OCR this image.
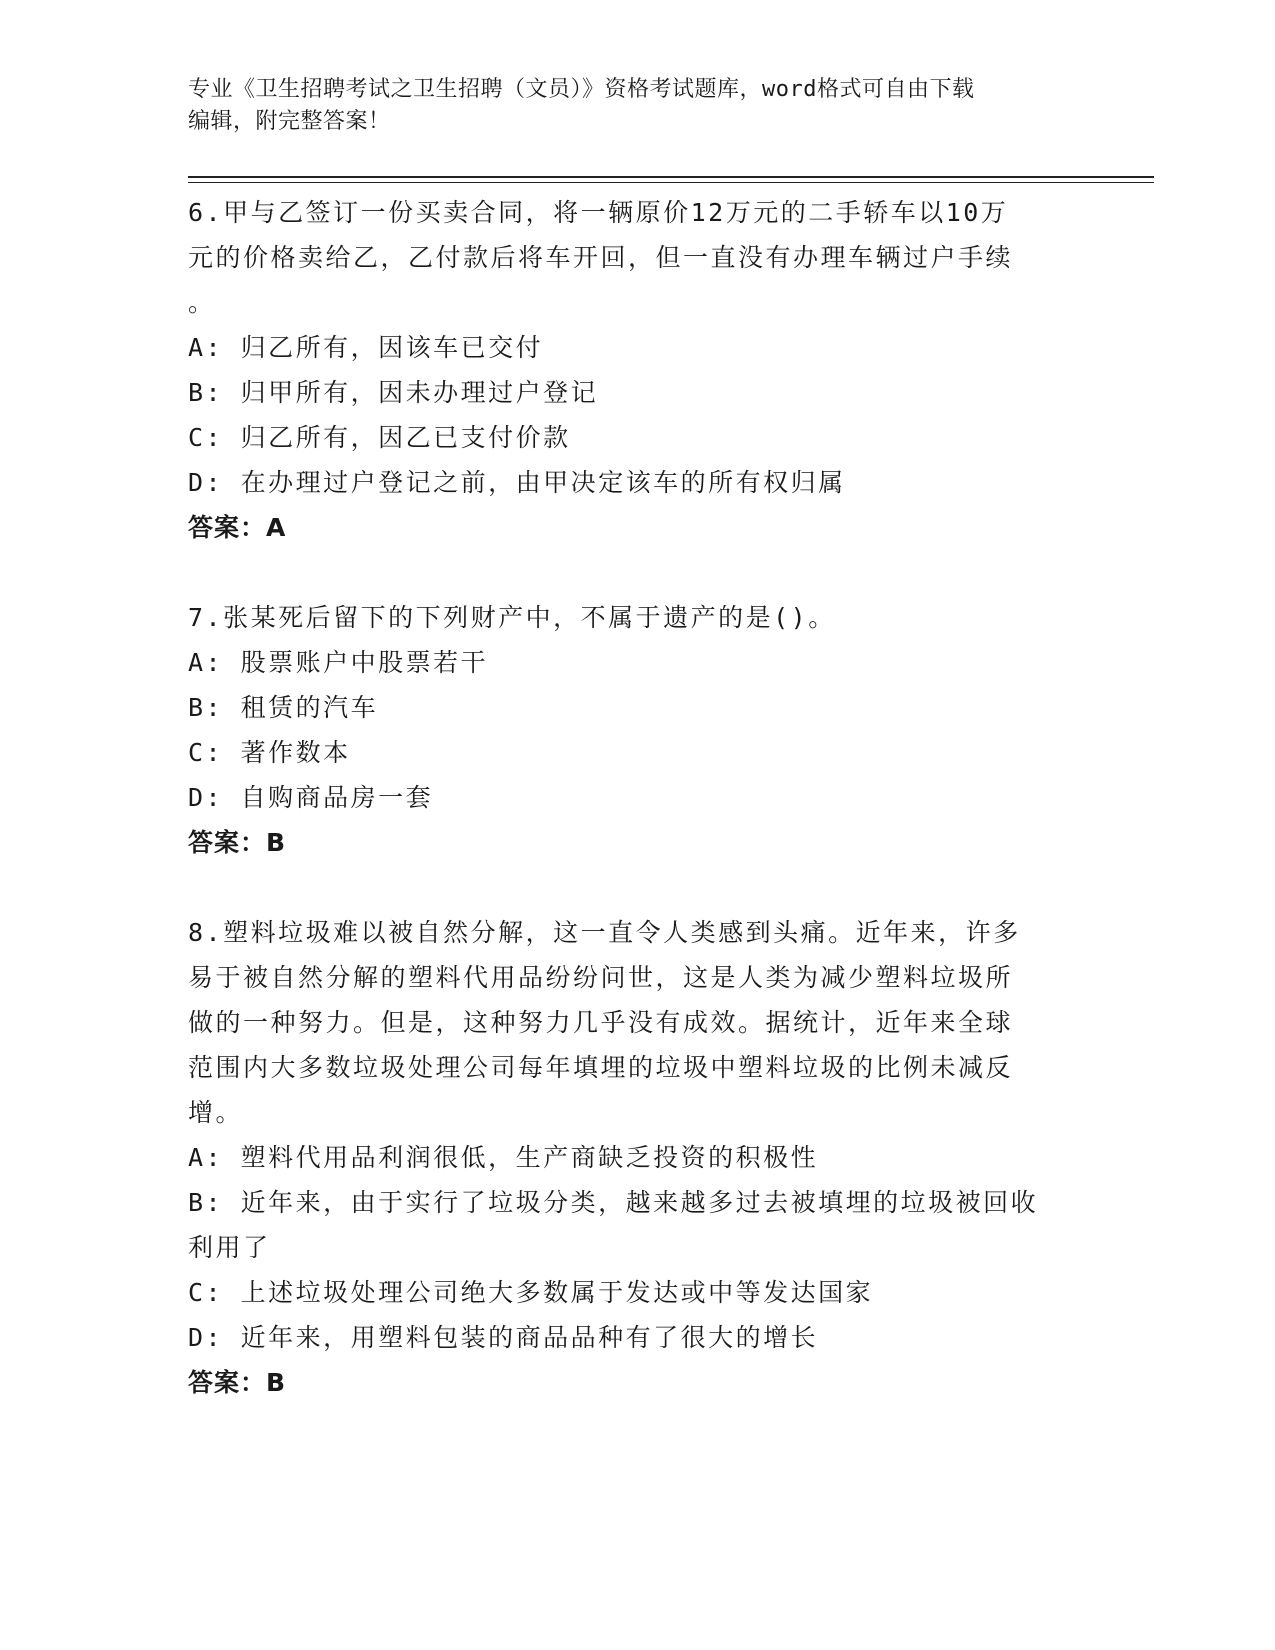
专业《卫生招聘考试之卫生招聘（文员）》资格考试题库，word格式可自由下载
编辑，附完整答案！
6.甲与乙签订一份买卖合同，将一辆原价12万元的二手轿车以10万
元的价格卖给乙，乙付款后将车开回，但一直没有办理车辆过户手续
。
A: 归乙所有，因该车已交付
B: 归甲所有，因未办理过户登记
C: 归乙所有，因乙已支付价款
D: 在办理过户登记之前，由甲决定该车的所有权归属
答案：A
7.张某死后留下的下列财产中，不属于遗产的是()。
A: 股票账户中股票若干
B: 租赁的汽车
C: 著作数本
D: 自购商品房一套
答案：B
8.塑料垃圾难以被自然分解，这一直令人类感到头痛。近年来，许多
易于被自然分解的塑料代用品纷纷问世，这是人类为减少塑料垃圾所
做的一种努力。但是，这种努力几乎没有成效。据统计，近年来全球
范围内大多数垃圾处理公司每年填埋的垃圾中塑料垃圾的比例未减反
增。
A: 塑料代用品利润很低，生产商缺乏投资的积极性
B: 近年来，由于实行了垃圾分类，越来越多过去被填埋的垃圾被回收
利用了
C: 上述垃圾处理公司绝大多数属于发达或中等发达国家
D: 近年来，用塑料包装的商品品种有了很大的增长
答案：B
